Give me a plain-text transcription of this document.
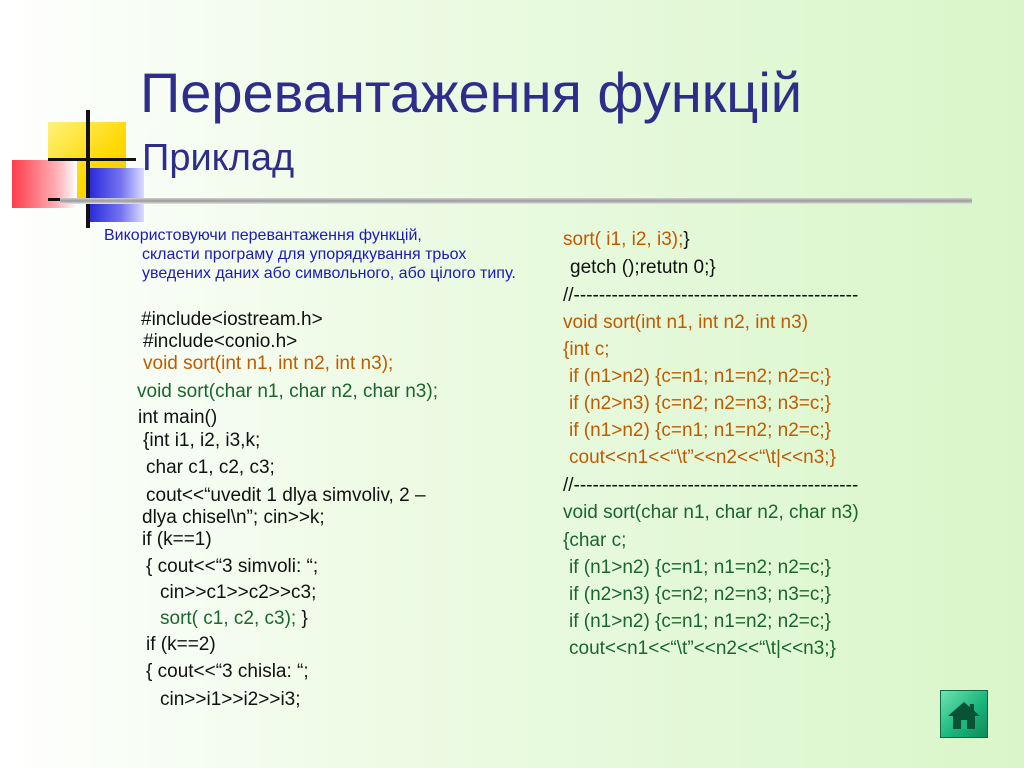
Перевантаження функцій
Приклад
Використовуючи перевантаження функцій,
скласти програму для упорядкування трьох уведених даних або символьного, або цілого типу.
#include<iostream.h>
#include<conio.h>
void sort(int n1, int n2, int n3);
void sort(char n1, char n2, char n3);
int main()
{int i1, i2, i3,k;
char c1, c2, c3;
cout<<“uvedit 1 dlya simvoliv, 2 –
dlya chisel\n”; cin>>k;
if (k==1)
{ cout<<“3 simvoli: “;
cin>>c1>>c2>>c3;
sort( c1, c2, c3); }
if (k==2)
{ cout<<“3 chisla: “;
cin>>i1>>i2>>i3;
sort( i1, i2, i3);}
getch ();retutn 0;}
//---------------------------------------------
void sort(int n1, int n2, int n3)
{int c;
if (n1>n2) {c=n1; n1=n2; n2=c;}
if (n2>n3) {c=n2; n2=n3; n3=c;}
if (n1>n2) {c=n1; n1=n2; n2=c;}
cout<<n1<<“\t”<<n2<<“\t|<<n3;}
//---------------------------------------------
void sort(char n1, char n2, char n3)
{char c;
if (n1>n2) {c=n1; n1=n2; n2=c;}
if (n2>n3) {c=n2; n2=n3; n3=c;}
if (n1>n2) {c=n1; n1=n2; n2=c;}
cout<<n1<<“\t”<<n2<<“\t|<<n3;}
